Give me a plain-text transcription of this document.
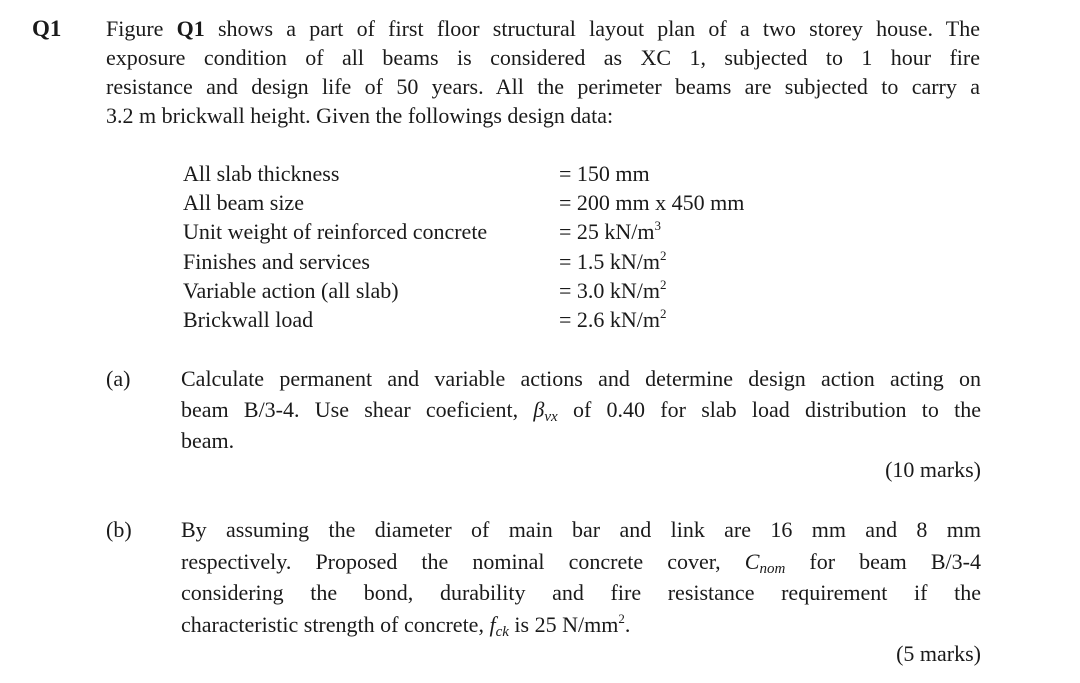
Q1 Figure Q1 shows a part of first floor structural layout plan of a two storey house. The
exposure condition of all beams is considered as XC 1, subjected to 1 hour fire
resistance and design life of 50 years. All the perimeter beams are subjected to carry a
3.2 m brickwall height. Given the followings design data:
All slab thickness	= 150 mm
All beam size	= 200 mm x 450 mm
Unit weight of reinforced concrete	= 25 $kN/m^3$
Finishes and services	= 1.5 $kN/m^2$
Variable action (all slab)	= 3.0 $kN/m^2$
Brickwall load	= 2.6 $kN/m^2$
(a) Calculate permanent and variable actions and determine design action acting on
beam B/3-4. Use shear coeficient, $\beta_{vx}$ of 0.40 for slab load distribution to the
beam.
(10 marks)
(b) By assuming the diameter of main bar and link are 16 mm and 8 mm
respectively. Proposed the nominal concrete cover, $C_{nom}$ for beam B/3-4
considering the bond, durability and fire resistance requirement if the
characteristic strength of concrete, $f_{ck}$ is 25 $N/mm^2$.
(5 marks)
